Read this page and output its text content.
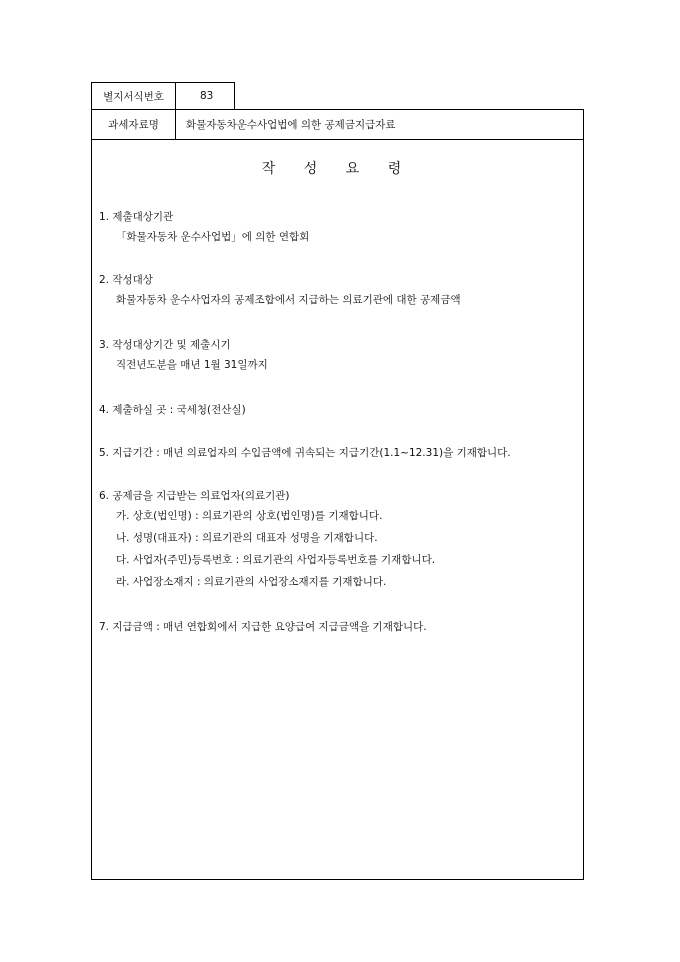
별지서식번호	83
과세자료명	화물자동차운수사업법에 의한 공제금지급자료
작 성 요 령
1. 제출대상기관
「화물자동차 운수사업법」에 의한 연합회
2. 작성대상
화물자동차 운수사업자의 공제조합에서 지급하는 의료기관에 대한 공제금액
3. 작성대상기간 및 제출시기
직전년도분을 매년 1월 31일까지
4. 제출하실 곳 : 국세청(전산실)
5. 지급기간 : 매년 의료업자의 수입금액에 귀속되는 지급기간(1.1~12.31)을 기재합니다.
6. 공제금을 지급받는 의료업자(의료기관)
가. 상호(법인명) : 의료기관의 상호(법인명)를 기재합니다.
나. 성명(대표자) : 의료기관의 대표자 성명을 기재합니다.
다. 사업자(주민)등록번호 : 의료기관의 사업자등록번호를 기재합니다.
라. 사업장소재지 : 의료기관의 사업장소재지를 기재합니다.
7. 지급금액 : 매년 연합회에서 지급한 요양급여 지급금액을 기재합니다.
